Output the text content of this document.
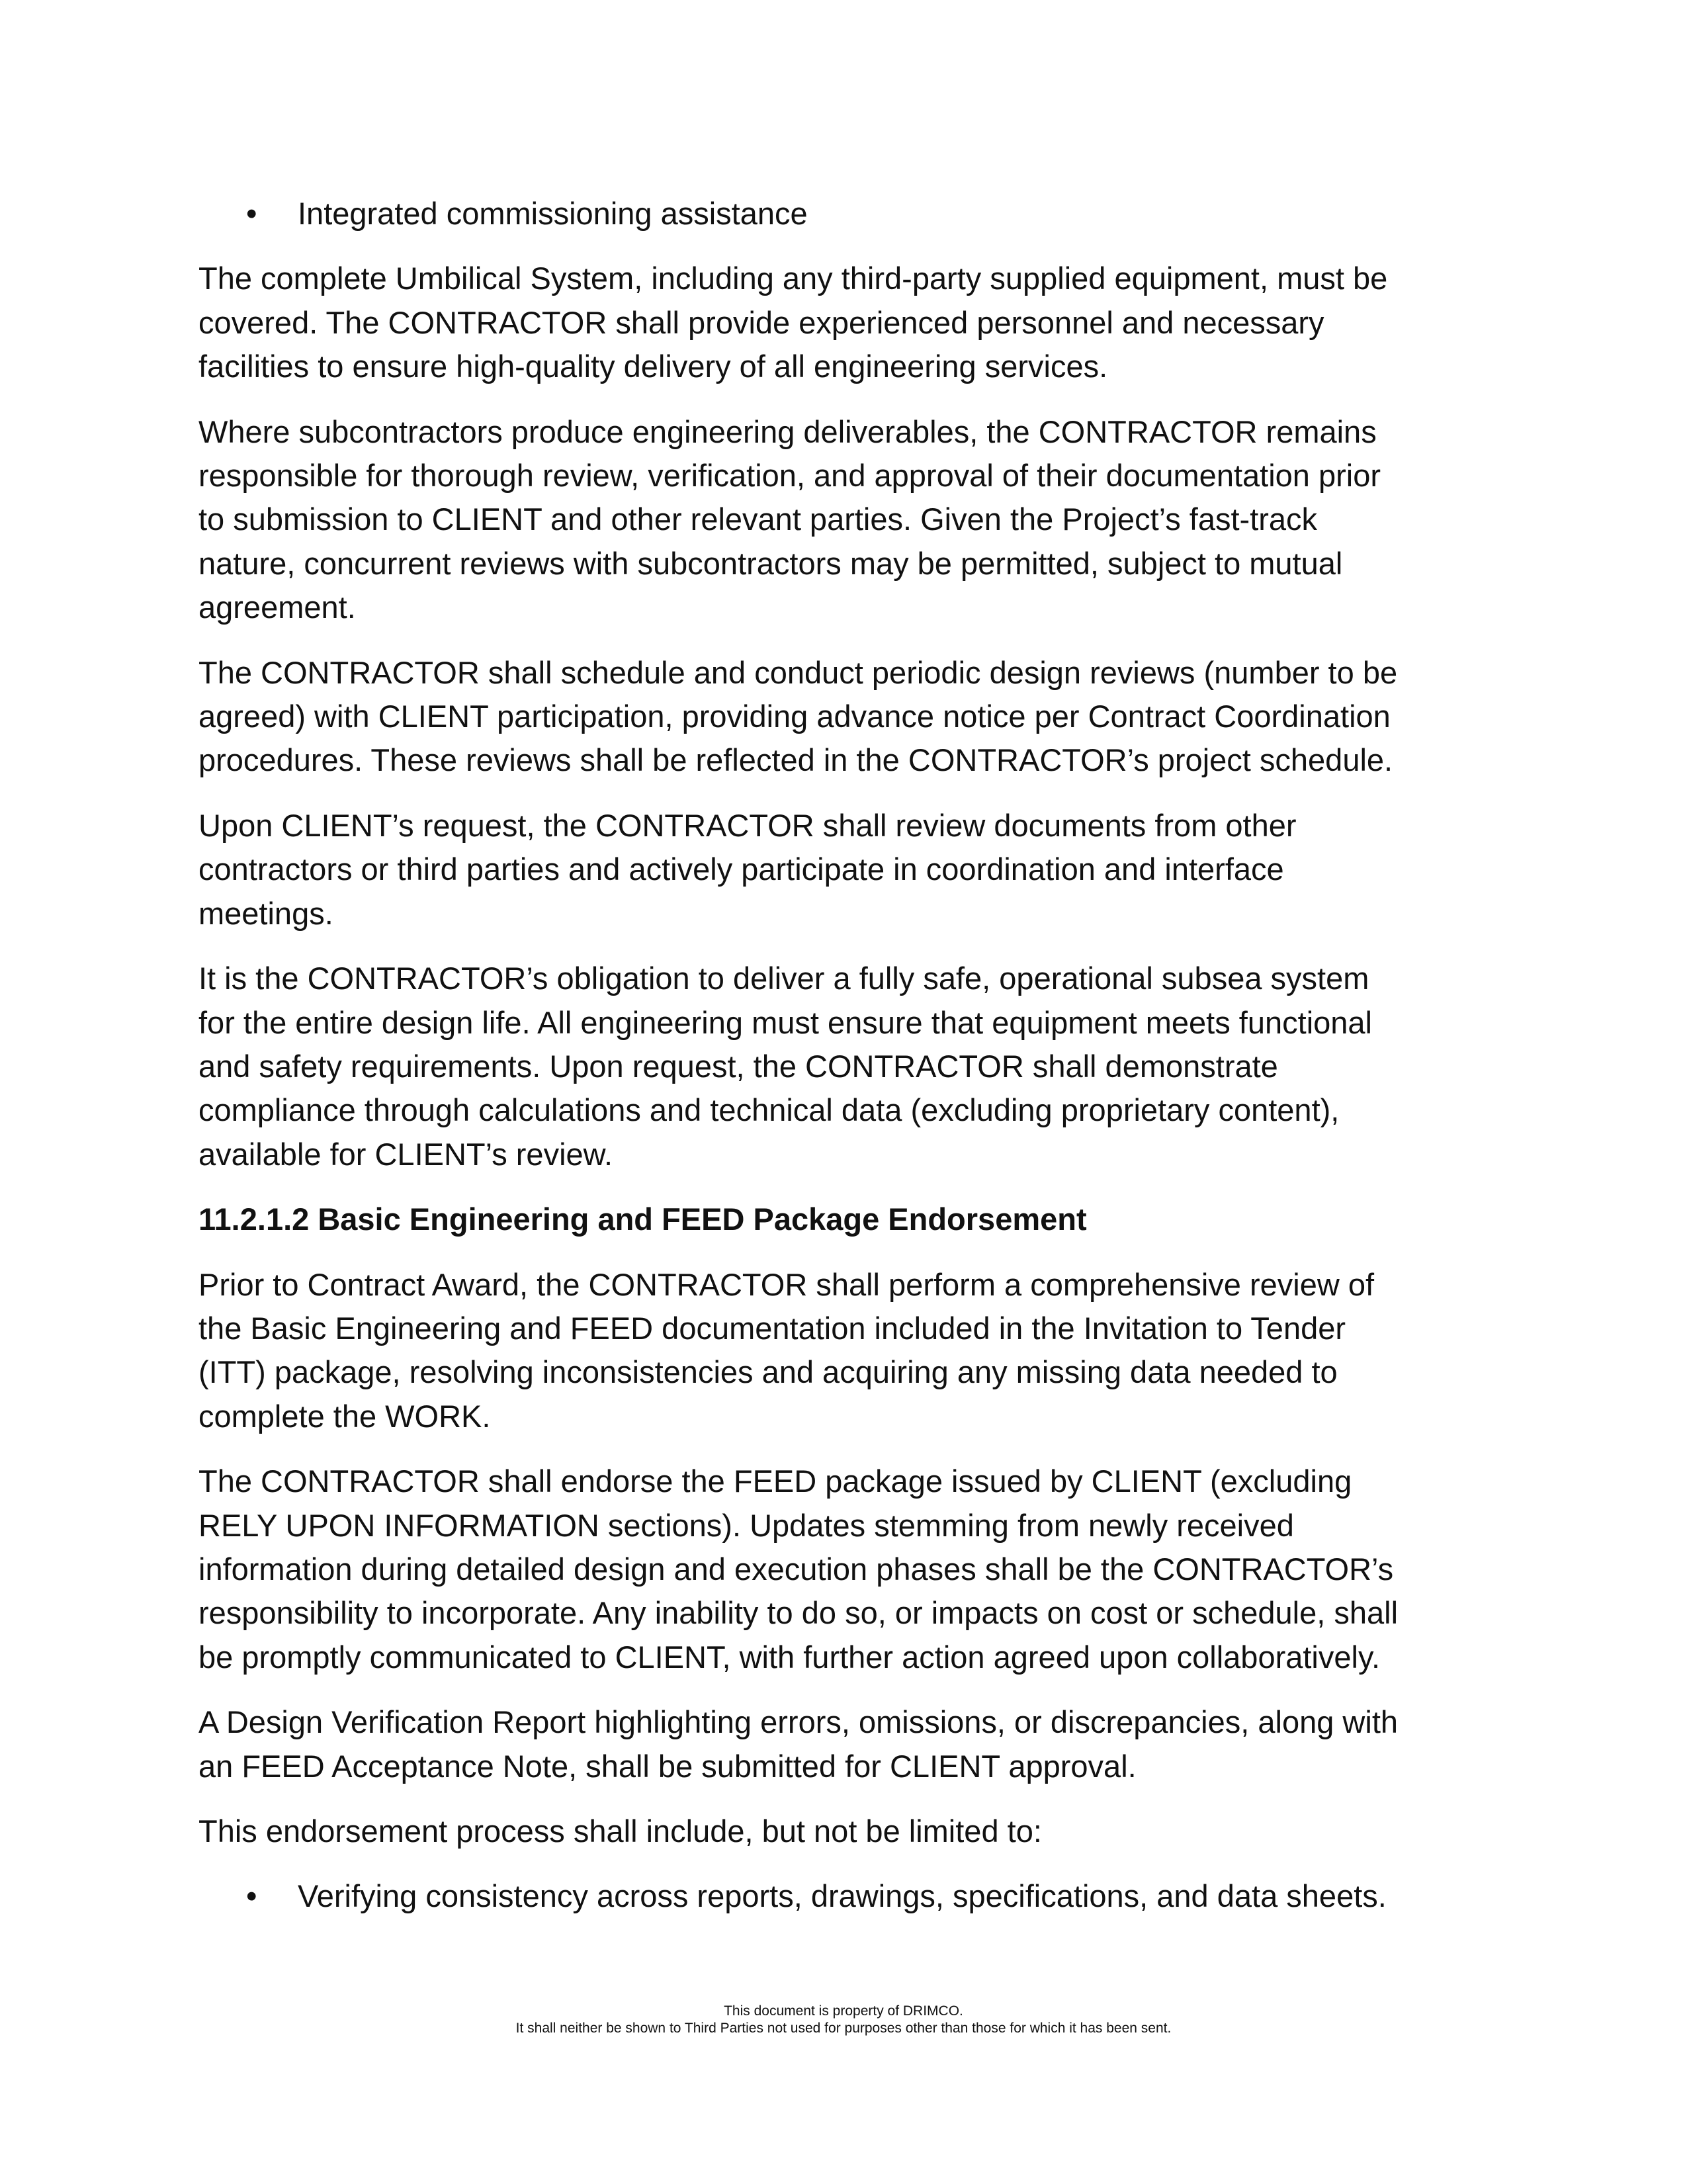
• Integrated commissioning assistance
The complete Umbilical System, including any third-party supplied equipment, must be
covered. The CONTRACTOR shall provide experienced personnel and necessary
facilities to ensure high-quality delivery of all engineering services.
Where subcontractors produce engineering deliverables, the CONTRACTOR remains
responsible for thorough review, verification, and approval of their documentation prior
to submission to CLIENT and other relevant parties. Given the Project’s fast-track
nature, concurrent reviews with subcontractors may be permitted, subject to mutual
agreement.
The CONTRACTOR shall schedule and conduct periodic design reviews (number to be
agreed) with CLIENT participation, providing advance notice per Contract Coordination
procedures. These reviews shall be reflected in the CONTRACTOR’s project schedule.
Upon CLIENT’s request, the CONTRACTOR shall review documents from other
contractors or third parties and actively participate in coordination and interface
meetings.
It is the CONTRACTOR’s obligation to deliver a fully safe, operational subsea system
for the entire design life. All engineering must ensure that equipment meets functional
and safety requirements. Upon request, the CONTRACTOR shall demonstrate
compliance through calculations and technical data (excluding proprietary content),
available for CLIENT’s review.
11.2.1.2 Basic Engineering and FEED Package Endorsement
Prior to Contract Award, the CONTRACTOR shall perform a comprehensive review of
the Basic Engineering and FEED documentation included in the Invitation to Tender
(ITT) package, resolving inconsistencies and acquiring any missing data needed to
complete the WORK.
The CONTRACTOR shall endorse the FEED package issued by CLIENT (excluding
RELY UPON INFORMATION sections). Updates stemming from newly received
information during detailed design and execution phases shall be the CONTRACTOR’s
responsibility to incorporate. Any inability to do so, or impacts on cost or schedule, shall
be promptly communicated to CLIENT, with further action agreed upon collaboratively.
A Design Verification Report highlighting errors, omissions, or discrepancies, along with
an FEED Acceptance Note, shall be submitted for CLIENT approval.
This endorsement process shall include, but not be limited to:
• Verifying consistency across reports, drawings, specifications, and data sheets.
This document is property of DRIMCO.
It shall neither be shown to Third Parties not used for purposes other than those for which it has been sent.
